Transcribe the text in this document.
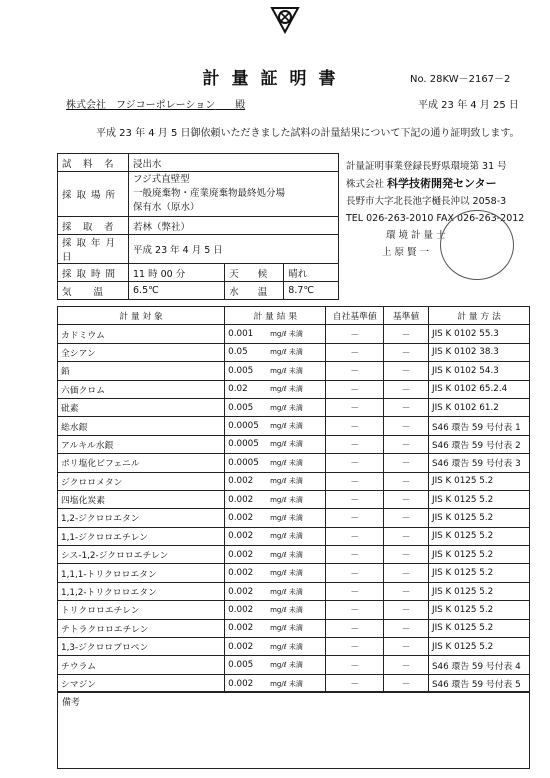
計量証明書	No. 28KW－2167－2
株式会社　 フジコーポレーション　　 殿	平成 23 年 4 月 25 日
平成 23 年 4 月 5 日御依頼いただきました試料の計量結果について下記の通り証明致します。
試　料　名	浸出水		
採 取 場 所	フジ式直壁型
一般廃棄物・産業廃棄物最終処分場
保有水（原水）		

採　取　者	若林（弊社）		
採 取 年 月 日	平成 23 年 4 月 5 日		
採 取 時 間	11 時 00 分	天　　候	晴れ
気　　温	6.5℃	水　　温	8.7℃
計量証明事業登録長野県環境第 31 号
株式会社 科学技術開発センター
長野市大字北長池字樋長沖以 2058-3
TEL 026-263-2010 FAX 026-263-2012
環 境 計 量 士
上 原 賢 一
計 量 対 象	計 量 結 果	自社基準値	基準値	計 量 方 法
カドミウム	0.001 mg/ℓ 未満	－	－	JIS K 0102 55.3
全シアン	0.05 mg/ℓ 未満	－	－	JIS K 0102 38.3
鉛	0.005 mg/ℓ 未満	－	－	JIS K 0102 54.3
六価クロム	0.02 mg/ℓ 未満	－	－	JIS K 0102 65.2.4
砒素	0.005 mg/ℓ 未満	－	－	JIS K 0102 61.2
総水銀	0.0005 mg/ℓ 未満	－	－	S46 環告 59 号付表 1
アルキル水銀	0.0005 mg/ℓ 未満	－	－	S46 環告 59 号付表 2
ポリ塩化ビフェニル	0.0005 mg/ℓ 未満	－	－	S46 環告 59 号付表 3
ジクロロメタン	0.002 mg/ℓ 未満	－	－	JIS K 0125 5.2
四塩化炭素	0.002 mg/ℓ 未満	－	－	JIS K 0125 5.2
1,2-ジクロロエタン	0.002 mg/ℓ 未満	－	－	JIS K 0125 5.2
1,1-ジクロロエチレン	0.002 mg/ℓ 未満	－	－	JIS K 0125 5.2
シス-1,2-ジクロロエチレン	0.002 mg/ℓ 未満	－	－	JIS K 0125 5.2
1,1,1-トリクロロエタン	0.002 mg/ℓ 未満	－	－	JIS K 0125 5.2
1,1,2-トリクロロエタン	0.002 mg/ℓ 未満	－	－	JIS K 0125 5.2
トリクロロエチレン	0.002 mg/ℓ 未満	－	－	JIS K 0125 5.2
テトラクロロエチレン	0.002 mg/ℓ 未満	－	－	JIS K 0125 5.2
1,3-ジクロロプロペン	0.002 mg/ℓ 未満	－	－	JIS K 0125 5.2
チウラム	0.005 mg/ℓ 未満	－	－	S46 環告 59 号付表 4
シマジン	0.002 mg/ℓ 未満	－	－	S46 環告 59 号付表 5
備考
